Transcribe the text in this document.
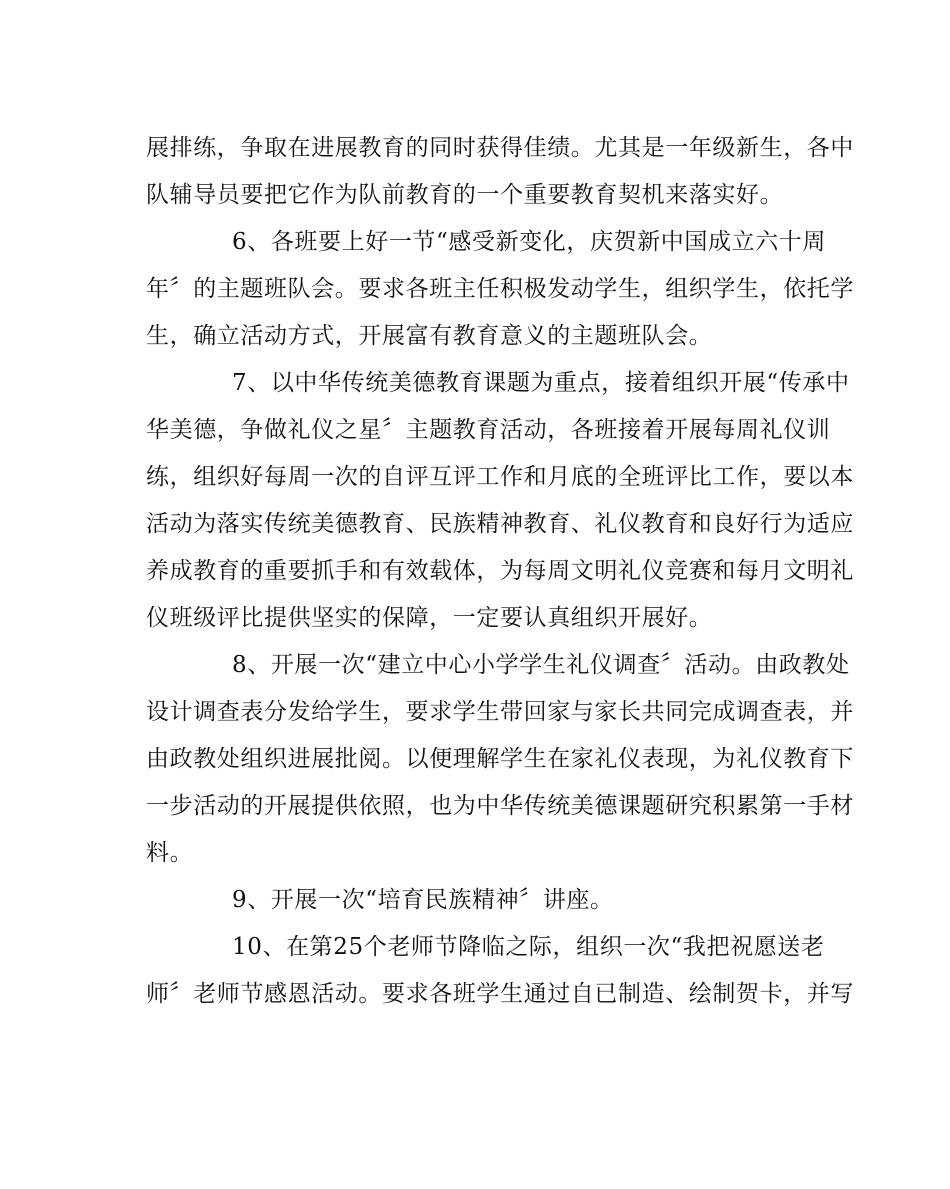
展排练，争取在进展教育的同时获得佳绩。尤其是一年级新生，各中
队辅导员要把它作为队前教育的一个重要教育契机来落实好。
6、各班要上好一节“感受新变化，庆贺新中国成立六十周
年〞的主题班队会。要求各班主任积极发动学生，组织学生，依托学
生，确立活动方式，开展富有教育意义的主题班队会。
7、以中华传统美德教育课题为重点，接着组织开展“传承中
华美德，争做礼仪之星〞主题教育活动，各班接着开展每周礼仪训
练，组织好每周一次的自评互评工作和月底的全班评比工作，要以本
活动为落实传统美德教育、民族精神教育、礼仪教育和良好行为适应
养成教育的重要抓手和有效载体，为每周文明礼仪竞赛和每月文明礼
仪班级评比提供坚实的保障，一定要认真组织开展好。
8、开展一次“建立中心小学学生礼仪调查〞活动。由政教处
设计调查表分发给学生，要求学生带回家与家长共同完成调查表，并
由政教处组织进展批阅。以便理解学生在家礼仪表现，为礼仪教育下
一步活动的开展提供依照，也为中华传统美德课题研究积累第一手材
料。
9、开展一次“培育民族精神〞讲座。
10、在第25个老师节降临之际，组织一次“我把祝愿送老
师〞老师节感恩活动。要求各班学生通过自已制造、绘制贺卡，并写
